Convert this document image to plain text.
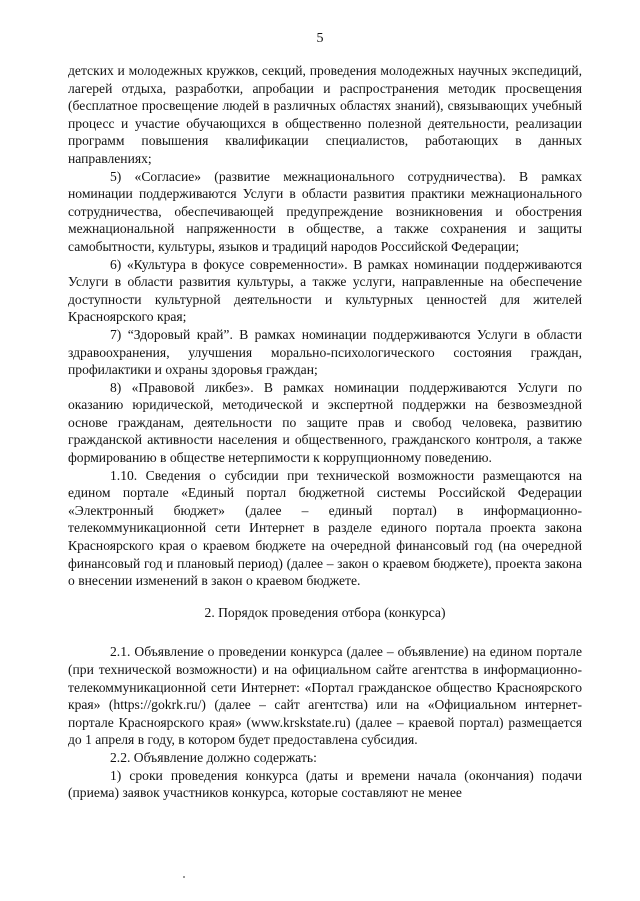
5

детских и молодежных кружков, секций, проведения молодежных научных экспедиций, лагерей отдыха, разработки, апробации и распространения методик просвещения (бесплатное просвещение людей в различных областях знаний), связывающих учебный процесс и участие обучающихся в общественно полезной деятельности, реализации программ повышения квалификации специалистов, работающих в данных направлениях;

5) «Согласие» (развитие межнационального сотрудничества). В рамках номинации поддерживаются Услуги в области развития практики межнационального сотрудничества, обеспечивающей предупреждение возникновения и обострения межнациональной напряженности в обществе, а также сохранения и защиты самобытности, культуры, языков и традиций народов Российской Федерации;

6) «Культура в фокусе современности». В рамках номинации поддерживаются Услуги в области развития культуры, а также услуги, направленные на обеспечение доступности культурной деятельности и культурных ценностей для жителей Красноярского края;

7) “Здоровый край”. В рамках номинации поддерживаются Услуги в области здравоохранения, улучшения морально-психологического состояния граждан, профилактики и охраны здоровья граждан;

8) «Правовой ликбез». В рамках номинации поддерживаются Услуги по оказанию юридической, методической и экспертной поддержки на безвозмездной основе гражданам, деятельности по защите прав и свобод человека, развитию гражданской активности населения и общественного, гражданского контроля, а также формированию в обществе нетерпимости к коррупционному поведению.

1.10. Сведения о субсидии при технической возможности размещаются на едином портале «Единый портал бюджетной системы Российской Федерации «Электронный бюджет» (далее – единый портал) в информационно-телекоммуникационной сети Интернет в разделе единого портала проекта закона Красноярского края о краевом бюджете на очередной финансовый год (на очередной финансовый год и плановый период) (далее – закон о краевом бюджете), проекта закона о внесении изменений в закон о краевом бюджете.

2. Порядок проведения отбора (конкурса)

2.1. Объявление о проведении конкурса (далее – объявление) на едином портале (при технической возможности) и на официальном сайте агентства в информационно-телекоммуникационной сети Интернет: «Портал гражданское общество Красноярского края» (https://gokrk.ru/) (далее – сайт агентства) или на «Официальном интернет-портале Красноярского края» (www.krskstate.ru) (далее – краевой портал) размещается до 1 апреля в году, в котором будет предоставлена субсидия.

2.2. Объявление должно содержать:

1) сроки проведения конкурса (даты и времени начала (окончания) подачи (приема) заявок участников конкурса, которые составляют не менее
